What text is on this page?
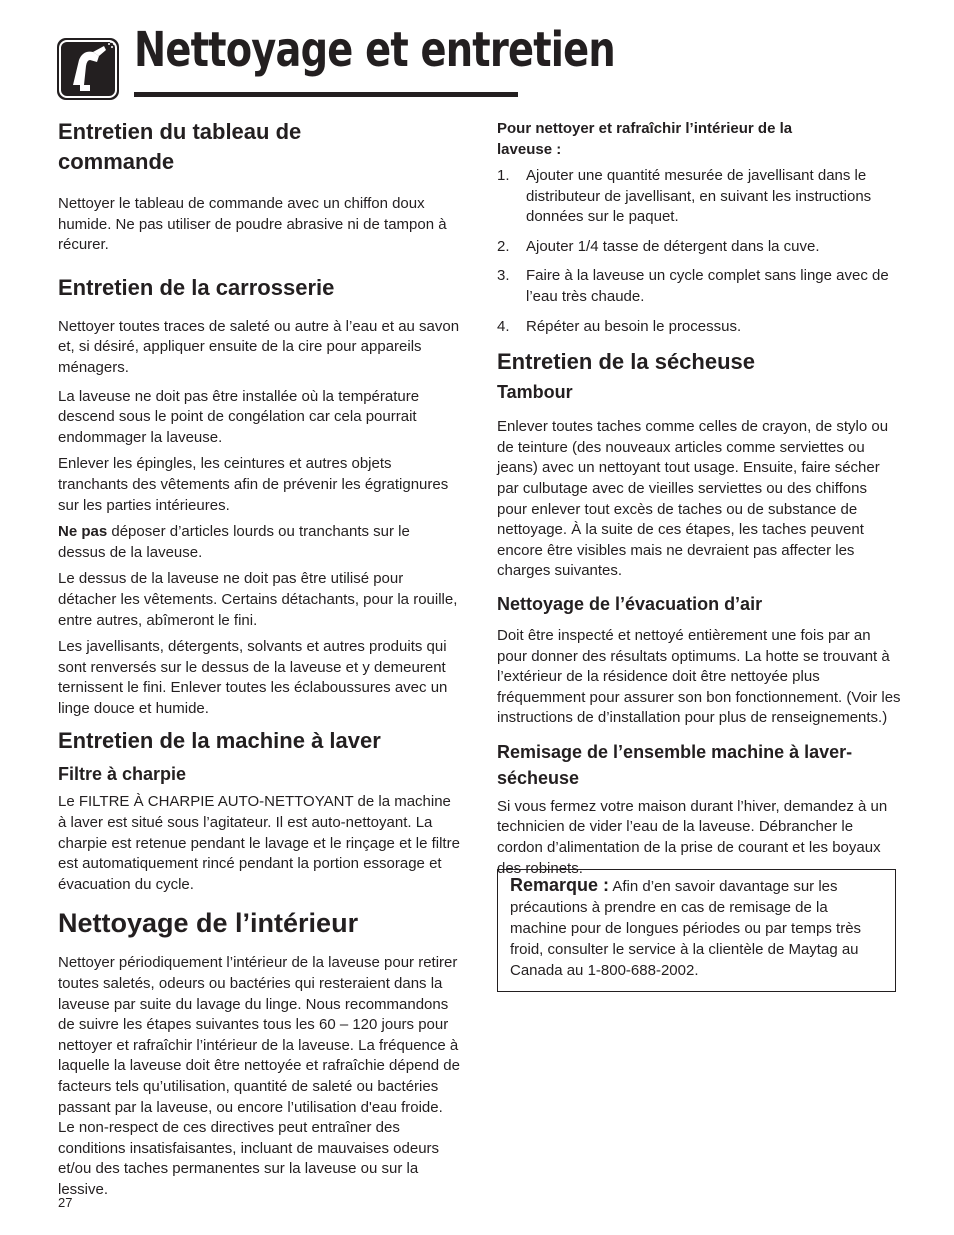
Nettoyage et entretien
Entretien du tableau de commande

Nettoyer le tableau de commande avec un chiffon doux humide. Ne pas utiliser de poudre abrasive ni de tampon à récurer.

Entretien de la carrosserie

Nettoyer toutes traces de saleté ou autre à l’eau et au savon et, si désiré, appliquer ensuite de la cire pour appareils ménagers.

La laveuse ne doit pas être installée où la température descend sous le point de congélation car cela pourrait endommager la laveuse.

Enlever les épingles, les ceintures et autres objets tranchants des vêtements afin de prévenir les égratignures sur les parties intérieures.

Ne pas déposer d’articles lourds ou tranchants sur le dessus de la laveuse.

Le dessus de la laveuse ne doit pas être utilisé pour détacher les vêtements. Certains détachants, pour la rouille, entre autres, abîmeront le fini.

Les javellisants, détergents, solvants et autres produits qui sont renversés sur le dessus de la laveuse et y demeurent ternissent le fini. Enlever toutes les éclaboussures avec un linge douce et humide.

Entretien de la machine à laver
Filtre à charpie

Le FILTRE À CHARPIE AUTO-NETTOYANT de la machine à laver est situé sous l’agitateur. Il est auto-nettoyant. La charpie est retenue pendant le lavage et le rinçage et le filtre est automatiquement rincé pendant la portion essorage et évacuation du cycle.

Nettoyage de l’intérieur

Nettoyer périodiquement l’intérieur de la laveuse pour retirer toutes saletés, odeurs ou bactéries qui resteraient dans la laveuse par suite du lavage du linge. Nous recommandons de suivre les étapes suivantes tous les 60 – 120 jours pour nettoyer et rafraîchir l’intérieur de la laveuse. La fréquence à laquelle la laveuse doit être nettoyée et rafraîchie dépend de facteurs tels qu’utilisation, quantité de saleté ou bactéries passant par la laveuse, ou encore l’utilisation d'eau froide. Le non-respect de ces directives peut entraîner des conditions insatisfaisantes, incluant de mauvaises odeurs et/ou des taches permanentes sur la laveuse ou sur la lessive.

Pour nettoyer et rafraîchir l’intérieur de la laveuse :

1. Ajouter une quantité mesurée de javellisant dans le distributeur de javellisant, en suivant les instructions données sur le paquet.
2. Ajouter 1/4 tasse de détergent dans la cuve.
3. Faire à la laveuse un cycle complet sans linge avec de l’eau très chaude.
4. Répéter au besoin le processus.
Entretien de la sécheuse
Tambour

Enlever toutes taches comme celles de crayon, de stylo ou de teinture (des nouveaux articles comme serviettes ou jeans) avec un nettoyant tout usage. Ensuite, faire sécher par culbutage avec de vieilles serviettes ou des chiffons pour enlever tout excès de taches ou de substance de nettoyage. À la suite de ces étapes, les taches peuvent encore être visibles mais ne devraient pas affecter les charges suivantes.

Nettoyage de l’évacuation d’air

Doit être inspecté et nettoyé entièrement une fois par an pour donner des résultats optimums. La hotte se trouvant à l’extérieur de la résidence doit être nettoyée plus fréquemment pour assurer son bon fonctionnement. (Voir les instructions de d’installation pour plus de renseignements.)

Remisage de l’ensemble machine à laver-sécheuse

Si vous fermez votre maison durant l’hiver, demandez à un technicien de vider l’eau de la laveuse. Débrancher le cordon d’alimentation de la prise de courant et les boyaux des robinets.

Remarque : Afin d’en savoir davantage sur les précautions à prendre en cas de remisage de la machine pour de longues périodes ou par temps très froid, consulter le service à la clientèle de Maytag au Canada au 1-800-688-2002.

27
